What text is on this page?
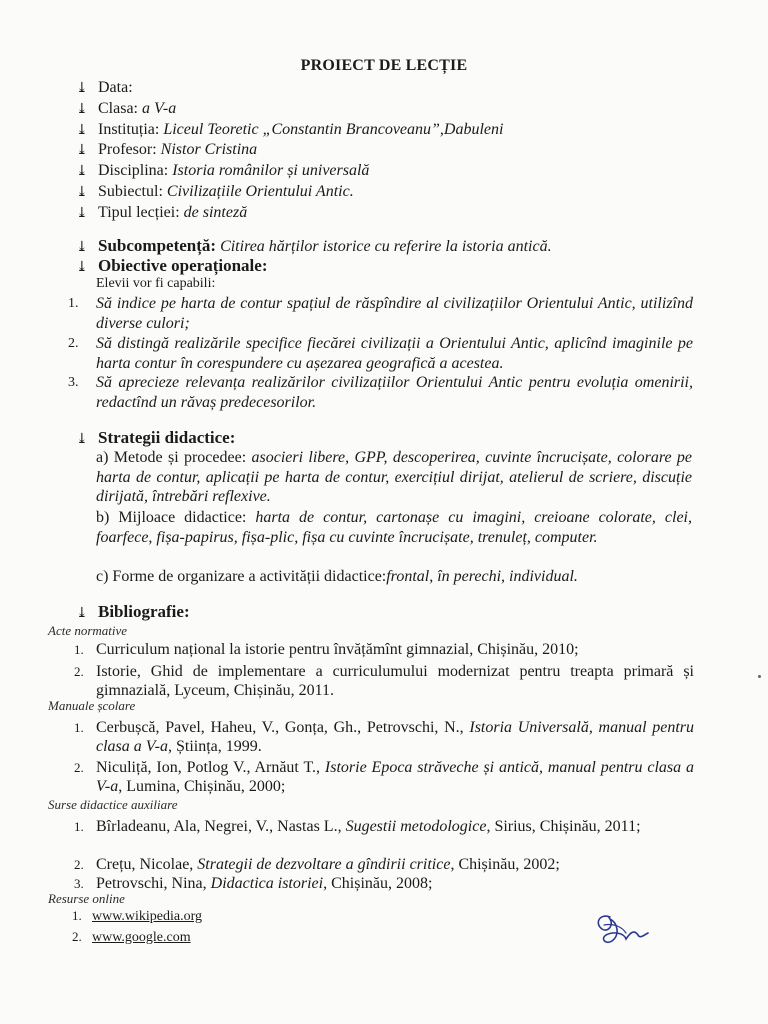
PROIECT DE LECȚIE
⤓ Data:
⤓ Clasa: a V-a
⤓ Instituția: Liceul Teoretic „Constantin Brancoveanu”,Dabuleni
⤓ Profesor: Nistor Cristina
⤓ Disciplina: Istoria românilor și universală
⤓ Subiectul: Civilizațiile Orientului Antic.
⤓ Tipul lecției: de sinteză
⤓ Subcompetență: Citirea hărților istorice cu referire la istoria antică.
⤓ Obiective operaționale:
Elevii vor fi capabili:
1.	Să indice pe harta de contur spațiul de răspîndire al civilizațiilor Orientului Antic, utilizînd diverse culori;
2.	Să distingă realizările specifice fiecărei civilizații a Orientului Antic, aplicînd imaginile pe harta contur în corespundere cu așezarea geografică a acestea.
3.	Să aprecieze relevanța realizărilor civilizațiilor Orientului Antic pentru evoluția omenirii, redactînd un răvaș predecesorilor.
⤓ Strategii didactice:
a) Metode și procedee: asocieri libere, GPP, descoperirea, cuvinte încrucișate, colorare pe harta de contur, aplicații pe harta de contur, exercițiul dirijat, atelierul de scriere, discuție dirijată, întrebări reflexive.
b) Mijloace didactice: harta de contur, cartonașe cu imagini, creioane colorate, clei, foarfece, fișa-papirus, fișa-plic, fișa cu cuvinte încrucișate, trenuleț, computer.
c) Forme de organizare a activității didactice:frontal, în perechi, individual.
⤓ Bibliografie:
Acte normative
1. Curriculum național la istorie pentru învățămînt gimnazial, Chișinău, 2010;
2. Istorie, Ghid de implementare a curriculumului modernizat pentru treapta primară și gimnazială, Lyceum, Chișinău, 2011.
Manuale școlare
1. Cerbușcă, Pavel, Haheu, V., Gonța, Gh., Petrovschi, N., Istoria Universală, manual pentru clasa a V-a, Știința, 1999.
2. Niculiță, Ion, Potlog V., Arnăut T., Istorie Epoca străveche și antică, manual pentru clasa a V-a, Lumina, Chișinău, 2000;
Surse didactice auxiliare
1. Bîrladeanu, Ala, Negrei, V., Nastas L., Sugestii metodologice, Sirius, Chișinău, 2011;
2. Crețu, Nicolae, Strategii de dezvoltare a gîndirii critice, Chișinău, 2002;
3. Petrovschi, Nina, Didactica istoriei, Chișinău, 2008;
Resurse online
1. www.wikipedia.org
2. www.google.com
